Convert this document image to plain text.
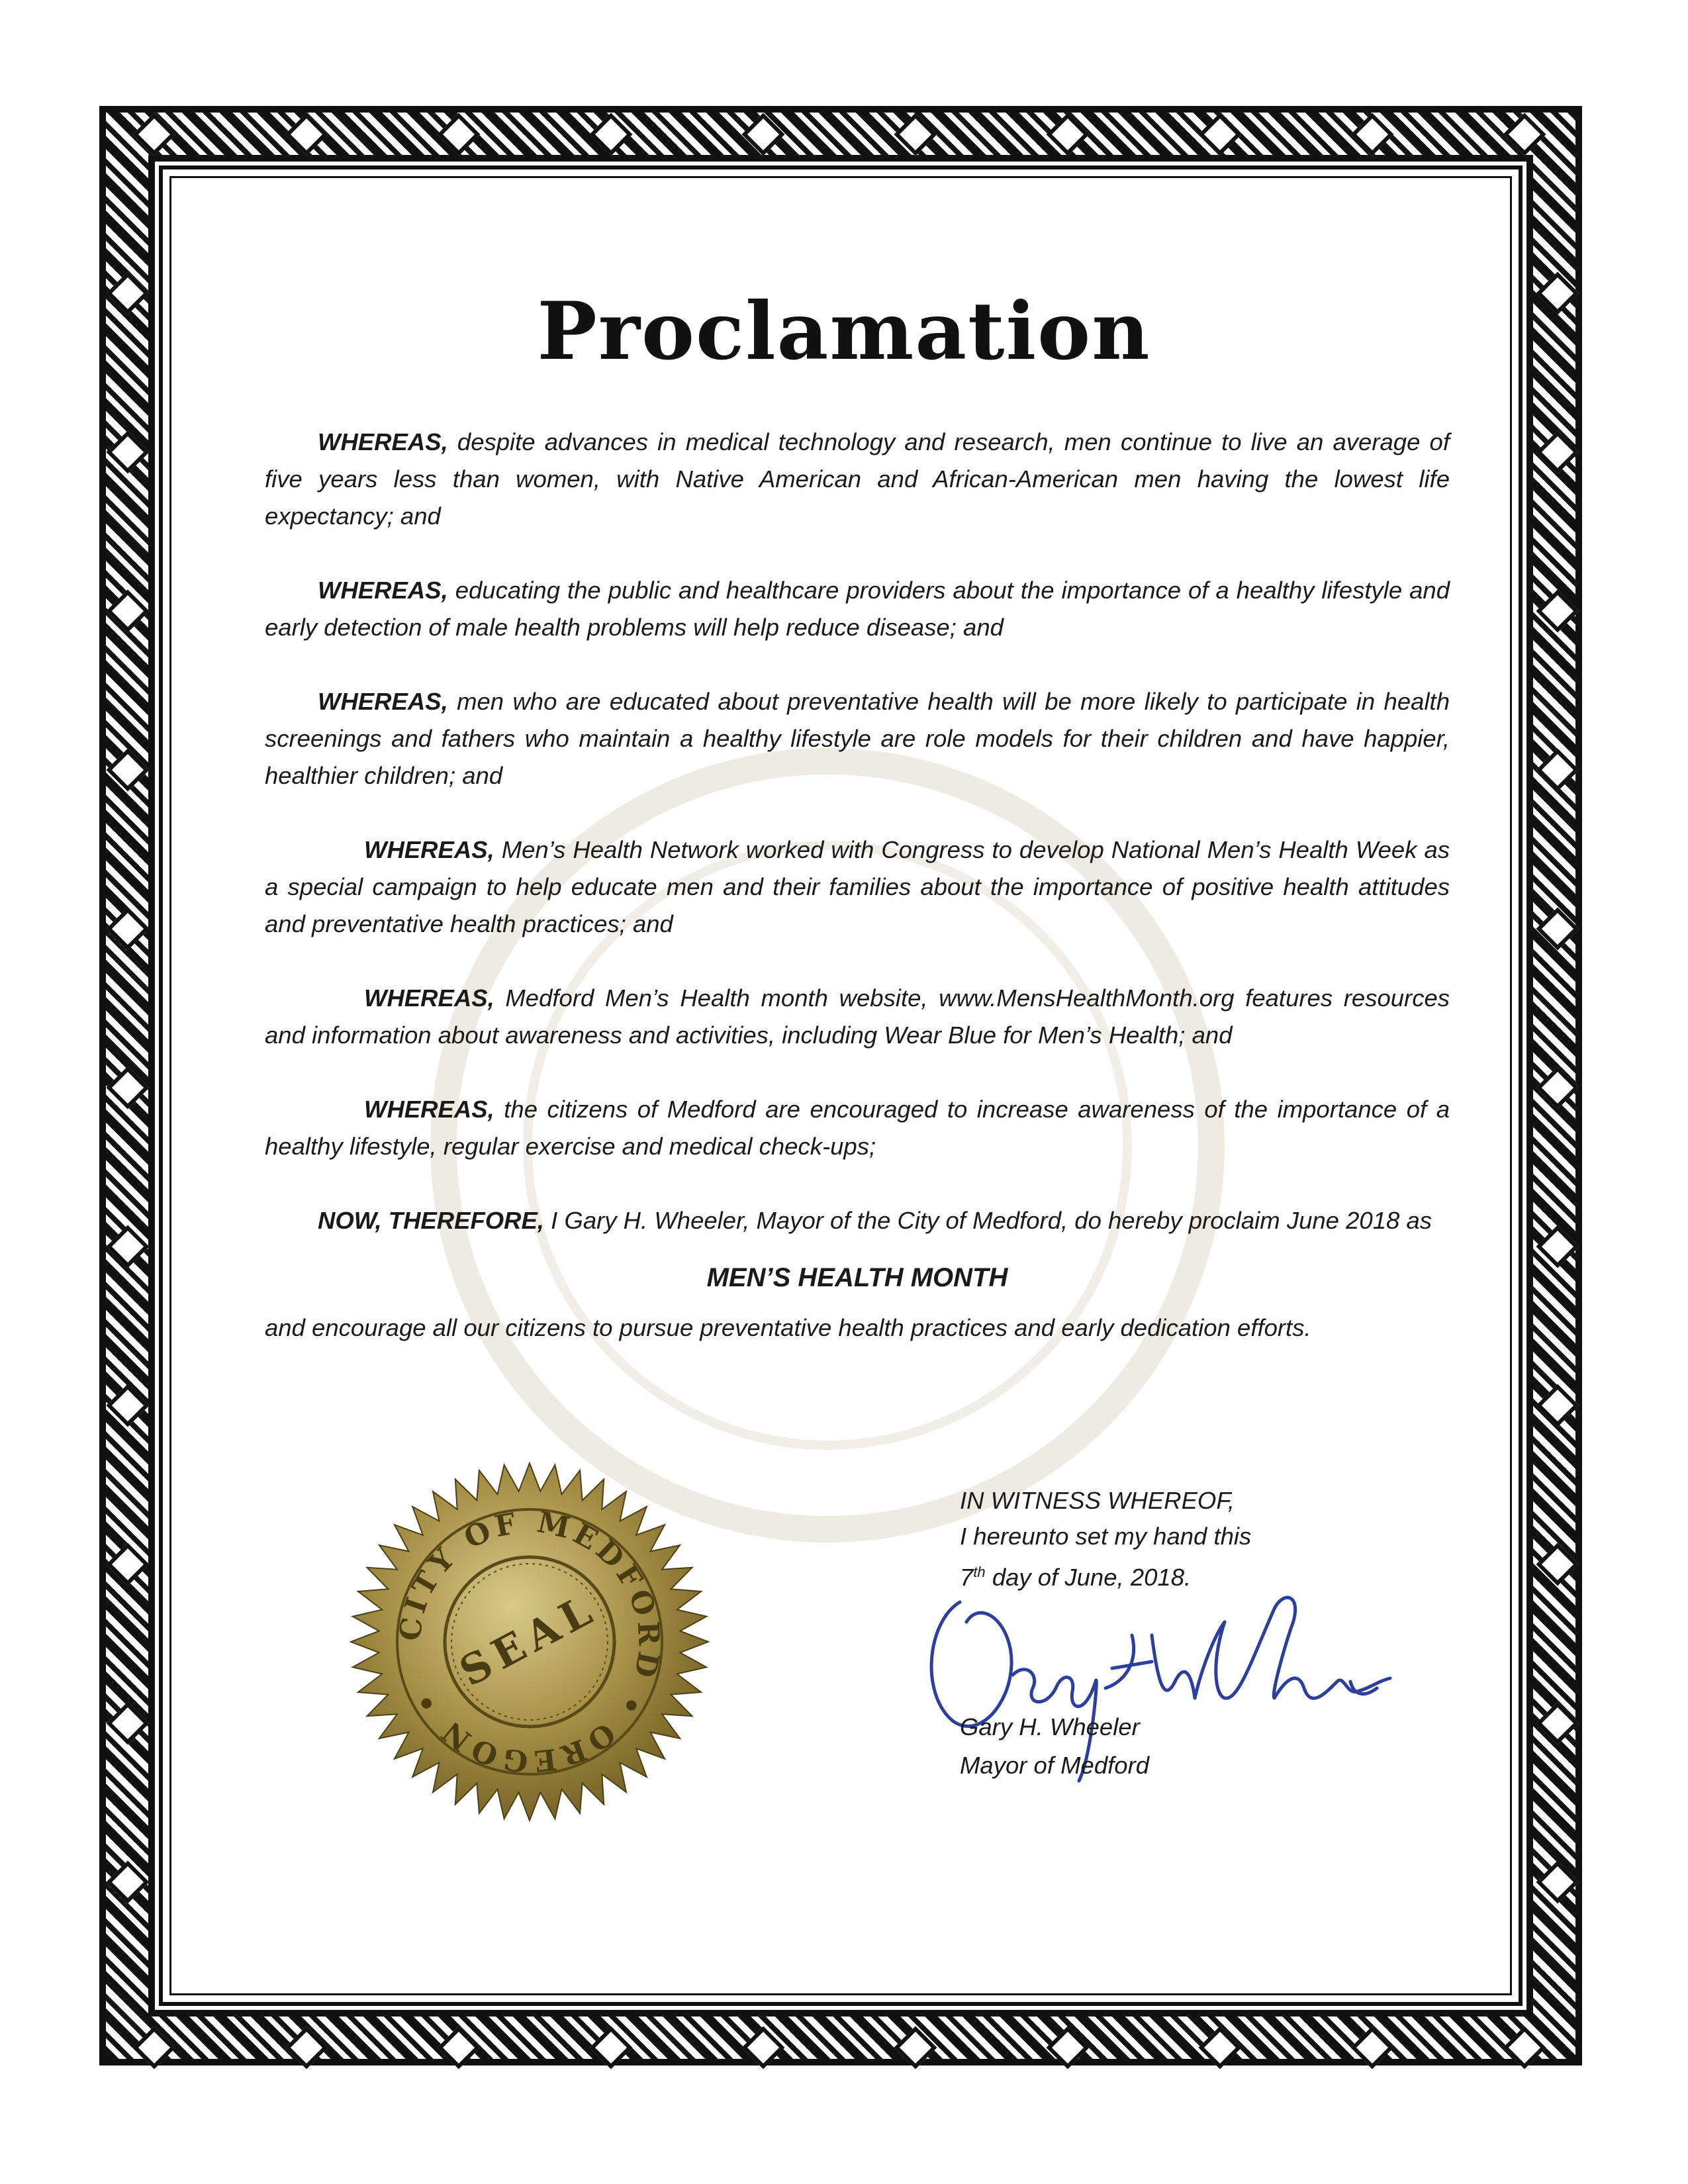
Proclamation

WHEREAS, despite advances in medical technology and research, men continue to live an average of five years less than women, with Native American and African-American men having the lowest life expectancy; and

WHEREAS, educating the public and healthcare providers about the importance of a healthy lifestyle and early detection of male health problems will help reduce disease; and

WHEREAS, men who are educated about preventative health will be more likely to participate in health screenings and fathers who maintain a healthy lifestyle are role models for their children and have happier, healthier children; and

WHEREAS, Men’s Health Network worked with Congress to develop National Men’s Health Week as a special campaign to help educate men and their families about the importance of positive health attitudes and preventative health practices; and

WHEREAS, Medford Men’s Health month website, www.MensHealthMonth.org features resources and information about awareness and activities, including Wear Blue for Men’s Health; and

WHEREAS, the citizens of Medford are encouraged to increase awareness of the importance of a healthy lifestyle, regular exercise and medical check-ups;

NOW, THEREFORE, I Gary H. Wheeler, Mayor of the City of Medford, do hereby proclaim June 2018 as

MEN’S HEALTH MONTH

and encourage all our citizens to pursue preventative health practices and early dedication efforts.

CITY OF MEDFORD • OREGON •
SEAL
IN WITNESS WHEREOF,
I hereunto set my hand this
7th day of June, 2018.
Gary H. Wheeler
Mayor of Medford
